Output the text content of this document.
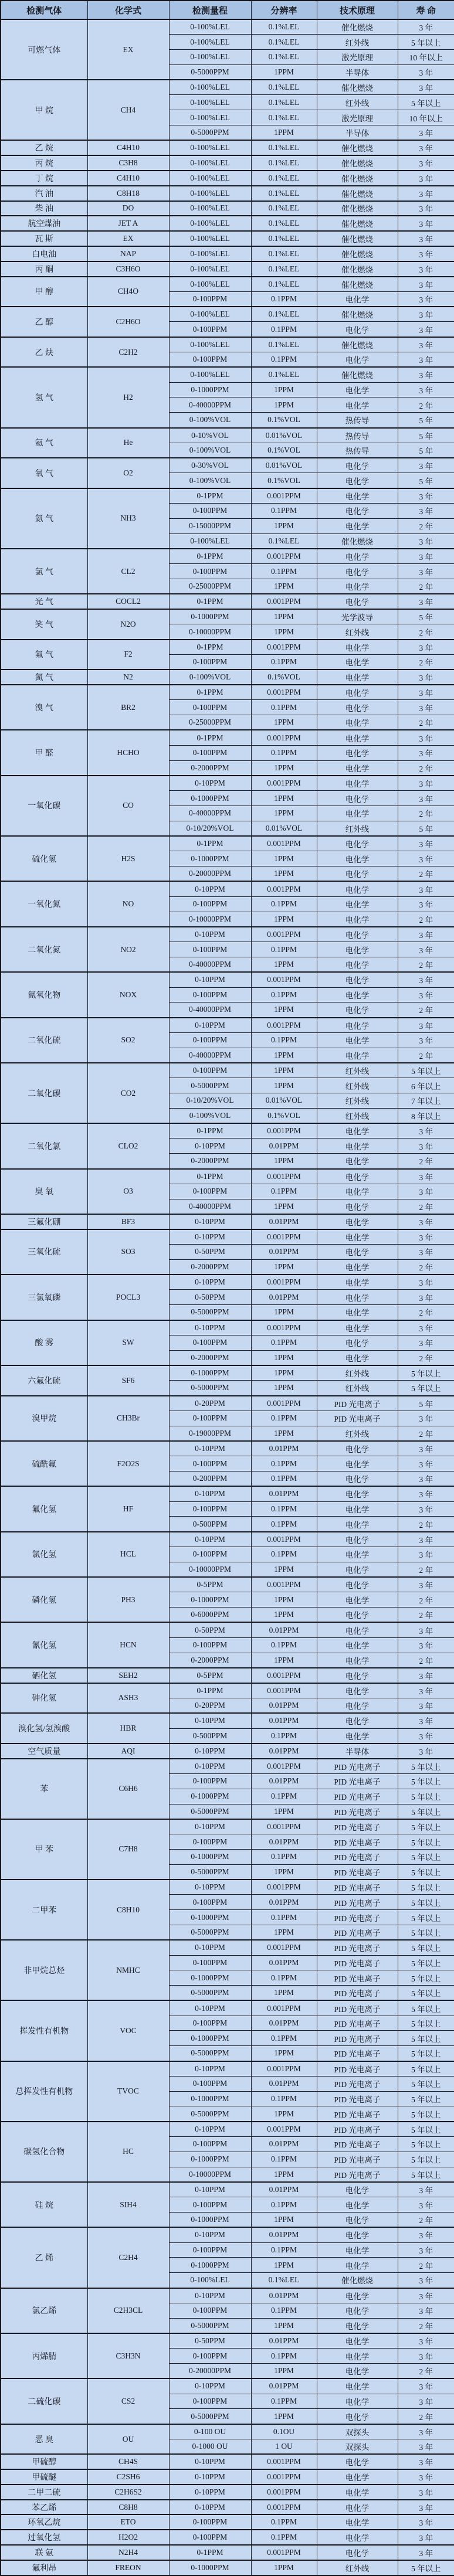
检测气体	化学式	检测量程	分辨率	技术原理	寿 命
可燃气体	EX	0-100%LEL	0.1%LEL	催化燃烧	3 年
		0-100%LEL	0.1%LEL	红外线	5 年以上
		0-100%LEL	0.1%LEL	激光原理	10 年以上
		0-5000PPM	1PPM	半导体	3 年
甲 烷	CH4	0-100%LEL	0.1%LEL	催化燃烧	3 年
		0-100%LEL	0.1%LEL	红外线	5 年以上
		0-100%LEL	0.1%LEL	激光原理	10 年以上
		0-5000PPM	1PPM	半导体	3 年
乙 烷	C4H10	0-100%LEL	0.1%LEL	催化燃烧	3 年
丙 烷	C3H8	0-100%LEL	0.1%LEL	催化燃烧	3 年
丁 烷	C4H10	0-100%LEL	0.1%LEL	催化燃烧	3 年
汽 油	C8H18	0-100%LEL	0.1%LEL	催化燃烧	3 年
柴 油	DO	0-100%LEL	0.1%LEL	催化燃烧	3 年
航空煤油	JET A	0-100%LEL	0.1%LEL	催化燃烧	3 年
瓦 斯	EX	0-100%LEL	0.1%LEL	催化燃烧	3 年
白电油	NAP	0-100%LEL	0.1%LEL	催化燃烧	3 年
丙 酮	C3H6O	0-100%LEL	0.1%LEL	催化燃烧	3 年
甲 醇	CH4O	0-100%LEL	0.1%LEL	催化燃烧	3 年
		0-100PPM	0.1PPM	电化学	3 年
乙 醇	C2H6O	0-100%LEL	0.1%LEL	催化燃烧	3 年
		0-100PPM	0.1PPM	电化学	3 年
乙 炔	C2H2	0-100%LEL	0.1%LEL	催化燃烧	3 年
		0-100PPM	0.1PPM	电化学	3 年
氢 气	H2	0-100%LEL	0.1%LEL	催化燃烧	3 年
		0-1000PPM	1PPM	电化学	3 年
		0-40000PPM	1PPM	电化学	2 年
		0-100%VOL	0.1%VOL	热传导	5 年
氦 气	He	0-10%VOL	0.01%VOL	热传导	5 年
		0-100%VOL	0.1%VOL	热传导	5 年
氧 气	O2	0-30%VOL	0.01%VOL	电化学	3 年
		0-100%VOL	0.1%VOL	电化学	5 年
氨 气	NH3	0-1PPM	0.001PPM	电化学	3 年
		0-100PPM	0.1PPM	电化学	3 年
		0-15000PPM	1PPM	电化学	2 年
		0-100%LEL	0.1%LEL	催化燃烧	3 年
氯 气	CL2	0-1PPM	0.001PPM	电化学	3 年
		0-100PPM	0.1PPM	电化学	3 年
		0-25000PPM	1PPM	电化学	2 年
光 气	COCL2	0-1PPM	0.001PPM	电化学	3 年
笑 气	N2O	0-1000PPM	1PPM	光学波导	5 年
		0-10000PPM	1PPM	红外线	2 年
氟 气	F2	0-1PPM	0.001PPM	电化学	3 年
		0-100PPM	0.1PPM	电化学	2 年
氮 气	N2	0-100%VOL	0.1%VOL	电化学	3 年
溴 气	BR2	0-1PPM	0.001PPM	电化学	3 年
		0-100PPM	0.1PPM	电化学	3 年
		0-25000PPM	1PPM	电化学	2 年
甲 醛	HCHO	0-1PPM	0.001PPM	电化学	3 年
		0-100PPM	0.1PPM	电化学	3 年
		0-2000PPM	1PPM	电化学	2 年
一氧化碳	CO	0-10PPM	0.001PPM	电化学	3 年
		0-1000PPM	1PPM	电化学	3 年
		0-40000PPM	1PPM	电化学	2 年
		0-10/20%VOL	0.01%VOL	红外线	5 年
硫化氢	H2S	0-1PPM	0.001PPM	电化学	3 年
		0-1000PPM	1PPM	电化学	3 年
		0-20000PPM	1PPM	电化学	2 年
一氧化氮	NO	0-10PPM	0.001PPM	电化学	3 年
		0-100PPM	0.1PPM	电化学	3 年
		0-10000PPM	1PPM	电化学	2 年
二氧化氮	NO2	0-10PPM	0.001PPM	电化学	3 年
		0-100PPM	0.1PPM	电化学	3 年
		0-40000PPM	1PPM	电化学	2 年
氮氧化物	NOX	0-10PPM	0.001PPM	电化学	3 年
		0-100PPM	0.1PPM	电化学	3 年
		0-40000PPM	1PPM	电化学	2 年
二氧化硫	SO2	0-10PPM	0.001PPM	电化学	3 年
		0-100PPM	0.1PPM	电化学	3 年
		0-40000PPM	1PPM	电化学	2 年
二氧化碳	CO2	0-100PPM	1PPM	红外线	5 年以上
		0-5000PPM	1PPM	红外线	6 年以上
		0-10/20%VOL	0.01%VOL	红外线	7 年以上
		0-100%VOL	0.1%VOL	红外线	8 年以上
二氧化氯	CLO2	0-1PPM	0.001PPM	电化学	3 年
		0-10PPM	0.01PPM	电化学	3 年
		0-2000PPM	1PPM	电化学	2 年
臭 氧	O3	0-1PPM	0.001PPM	电化学	3 年
		0-100PPM	0.1PPM	电化学	3 年
		0-40000PPM	1PPM	电化学	2 年
三氟化硼	BF3	0-10PPM	0.01PPM	电化学	3 年
三氧化硫	SO3	0-10PPM	0.001PPM	电化学	3 年
		0-50PPM	0.01PPM	电化学	3 年
		0-2000PPM	1PPM	电化学	2 年
三氯氧磷	POCL3	0-10PPM	0.001PPM	电化学	3 年
		0-50PPM	0.01PPM	电化学	3 年
		0-5000PPM	1PPM	电化学	2 年
酸 雾	SW	0-10PPM	0.001PPM	电化学	3 年
		0-100PPM	0.1PPM	电化学	3 年
		0-2000PPM	1PPM	电化学	2 年
六氟化硫	SF6	0-1000PPM	1PPM	红外线	5 年以上
		0-5000PPM	1PPM	红外线	5 年以上
溴甲烷	CH3Br	0-20PPM	0.001PPM	PID 光电离子	5 年
		0-100PPM	0.1PPM	PID 光电离子	3 年
		0-19000PPM	1PPM	红外线	2 年
硫酰氟	F2O2S	0-10PPM	0.01PPM	电化学	3 年
		0-100PPM	0.1PPM	电化学	3 年
		0-200PPM	0.1PPM	电化学	3 年
氟化氢	HF	0-10PPM	0.01PPM	电化学	3 年
		0-100PPM	0.1PPM	电化学	3 年
		0-500PPM	0.1PPM	电化学	2 年
氯化氢	HCL	0-10PPM	0.001PPM	电化学	3 年
		0-100PPM	0.1PPM	电化学	3 年
		0-10000PPM	1PPM	电化学	2 年
磷化氢	PH3	0-5PPM	0.001PPM	电化学	3 年
		0-1000PPM	1PPM	电化学	2 年
		0-6000PPM	1PPM	电化学	2 年
氰化氢	HCN	0-50PPM	0.01PPM	电化学	3 年
		0-100PPM	0.1PPM	电化学	3 年
		0-2000PPM	1PPM	电化学	2 年
硒化氢	SEH2	0-5PPM	0.001PPM	电化学	3 年
砷化氢	ASH3	0-1PPM	0.001PPM	电化学	3 年
		0-20PPM	0.01PPM	电化学	3 年
溴化氢/氢溴酸	HBR	0-10PPM	0.01PPM	电化学	3 年
		0-500PPM	0.1PPM	电化学	3 年
空气质量	AQI	0-10PPM	0.01PPM	半导体	3 年
苯	C6H6	0-10PPM	0.001PPM	PID 光电离子	5 年以上
		0-100PPM	0.01PPM	PID 光电离子	5 年以上
		0-1000PPM	0.1PPM	PID 光电离子	5 年以上
		0-5000PPM	1PPM	PID 光电离子	5 年以上
甲 苯	C7H8	0-10PPM	0.001PPM	PID 光电离子	5 年以上
		0-100PPM	0.01PPM	PID 光电离子	5 年以上
		0-1000PPM	0.1PPM	PID 光电离子	5 年以上
		0-5000PPM	1PPM	PID 光电离子	5 年以上
二甲苯	C8H10	0-10PPM	0.001PPM	PID 光电离子	5 年以上
		0-100PPM	0.01PPM	PID 光电离子	5 年以上
		0-1000PPM	0.1PPM	PID 光电离子	5 年以上
		0-5000PPM	1PPM	PID 光电离子	5 年以上
非甲烷总烃	NMHC	0-10PPM	0.001PPM	PID 光电离子	5 年以上
		0-100PPM	0.01PPM	PID 光电离子	5 年以上
		0-1000PPM	0.1PPM	PID 光电离子	5 年以上
		0-5000PPM	1PPM	PID 光电离子	5 年以上
挥发性有机物	VOC	0-10PPM	0.001PPM	PID 光电离子	5 年以上
		0-100PPM	0.01PPM	PID 光电离子	5 年以上
		0-1000PPM	0.1PPM	PID 光电离子	5 年以上
		0-5000PPM	1PPM	PID 光电离子	5 年以上
总挥发性有机物	TVOC	0-10PPM	0.001PPM	PID 光电离子	5 年以上
		0-100PPM	0.01PPM	PID 光电离子	5 年以上
		0-1000PPM	0.1PPM	PID 光电离子	5 年以上
		0-5000PPM	1PPM	PID 光电离子	5 年以上
碳氢化合物	HC	0-10PPM	0.001PPM	PID 光电离子	5 年以上
		0-100PPM	0.01PPM	PID 光电离子	5 年以上
		0-1000PPM	0.1PPM	PID 光电离子	5 年以上
		0-10000PPM	1PPM	PID 光电离子	5 年以上
硅 烷	SIH4	0-10PPM	0.01PPM	电化学	3 年
		0-100PPM	0.1PPM	电化学	3 年
		0-1000PPM	1PPM	电化学	2 年
乙 烯	C2H4	0-10PPM	0.01PPM	电化学	3 年
		0-100PPM	0.1PPM	电化学	3 年
		0-1000PPM	1PPM	电化学	2 年
		0-100%LEL	0.1%LEL	催化燃烧	3 年
氯乙烯	C2H3CL	0-10PPM	0.01PPM	电化学	3 年
		0-100PPM	0.1PPM	电化学	3 年
		0-5000PPM	1PPM	电化学	2 年
丙烯腈	C3H3N	0-50PPM	0.01PPM	电化学	3 年
		0-100PPM	0.1PPM	电化学	3 年
		0-20000PPM	1PPM	电化学	2 年
二硫化碳	CS2	0-10PPM	0.01PPM	电化学	3 年
		0-100PPM	0.1PPM	电化学	3 年
		0-5000PPM	1PPM	电化学	2 年
恶 臭	OU	0-100 OU	0.1OU	双探头	3 年
		0-1000 OU	1 OU	双探头	3 年
甲硫醇	CH4S	0-10PPM	0.001PPM	电化学	3 年
甲硫醚	C2SH6	0-10PPM	0.001PPM	电化学	3 年
二甲二硫	C2H6S2	0-10PPM	0.001PPM	电化学	3 年
苯乙烯	C8H8	0-10PPM	0.001PPM	电化学	3 年
环氧乙烷	ETO	0-100PPM	0.1PPM	电化学	3 年
过氧化氢	H2O2	0-100PPM	0.1PPM	电化学	3 年
联 氨	N2H4	0-1PPM	0.001PPM	电化学	3 年
氟利昂	FREON	0-1000PPM	1PPM	红外线	5 年以上
